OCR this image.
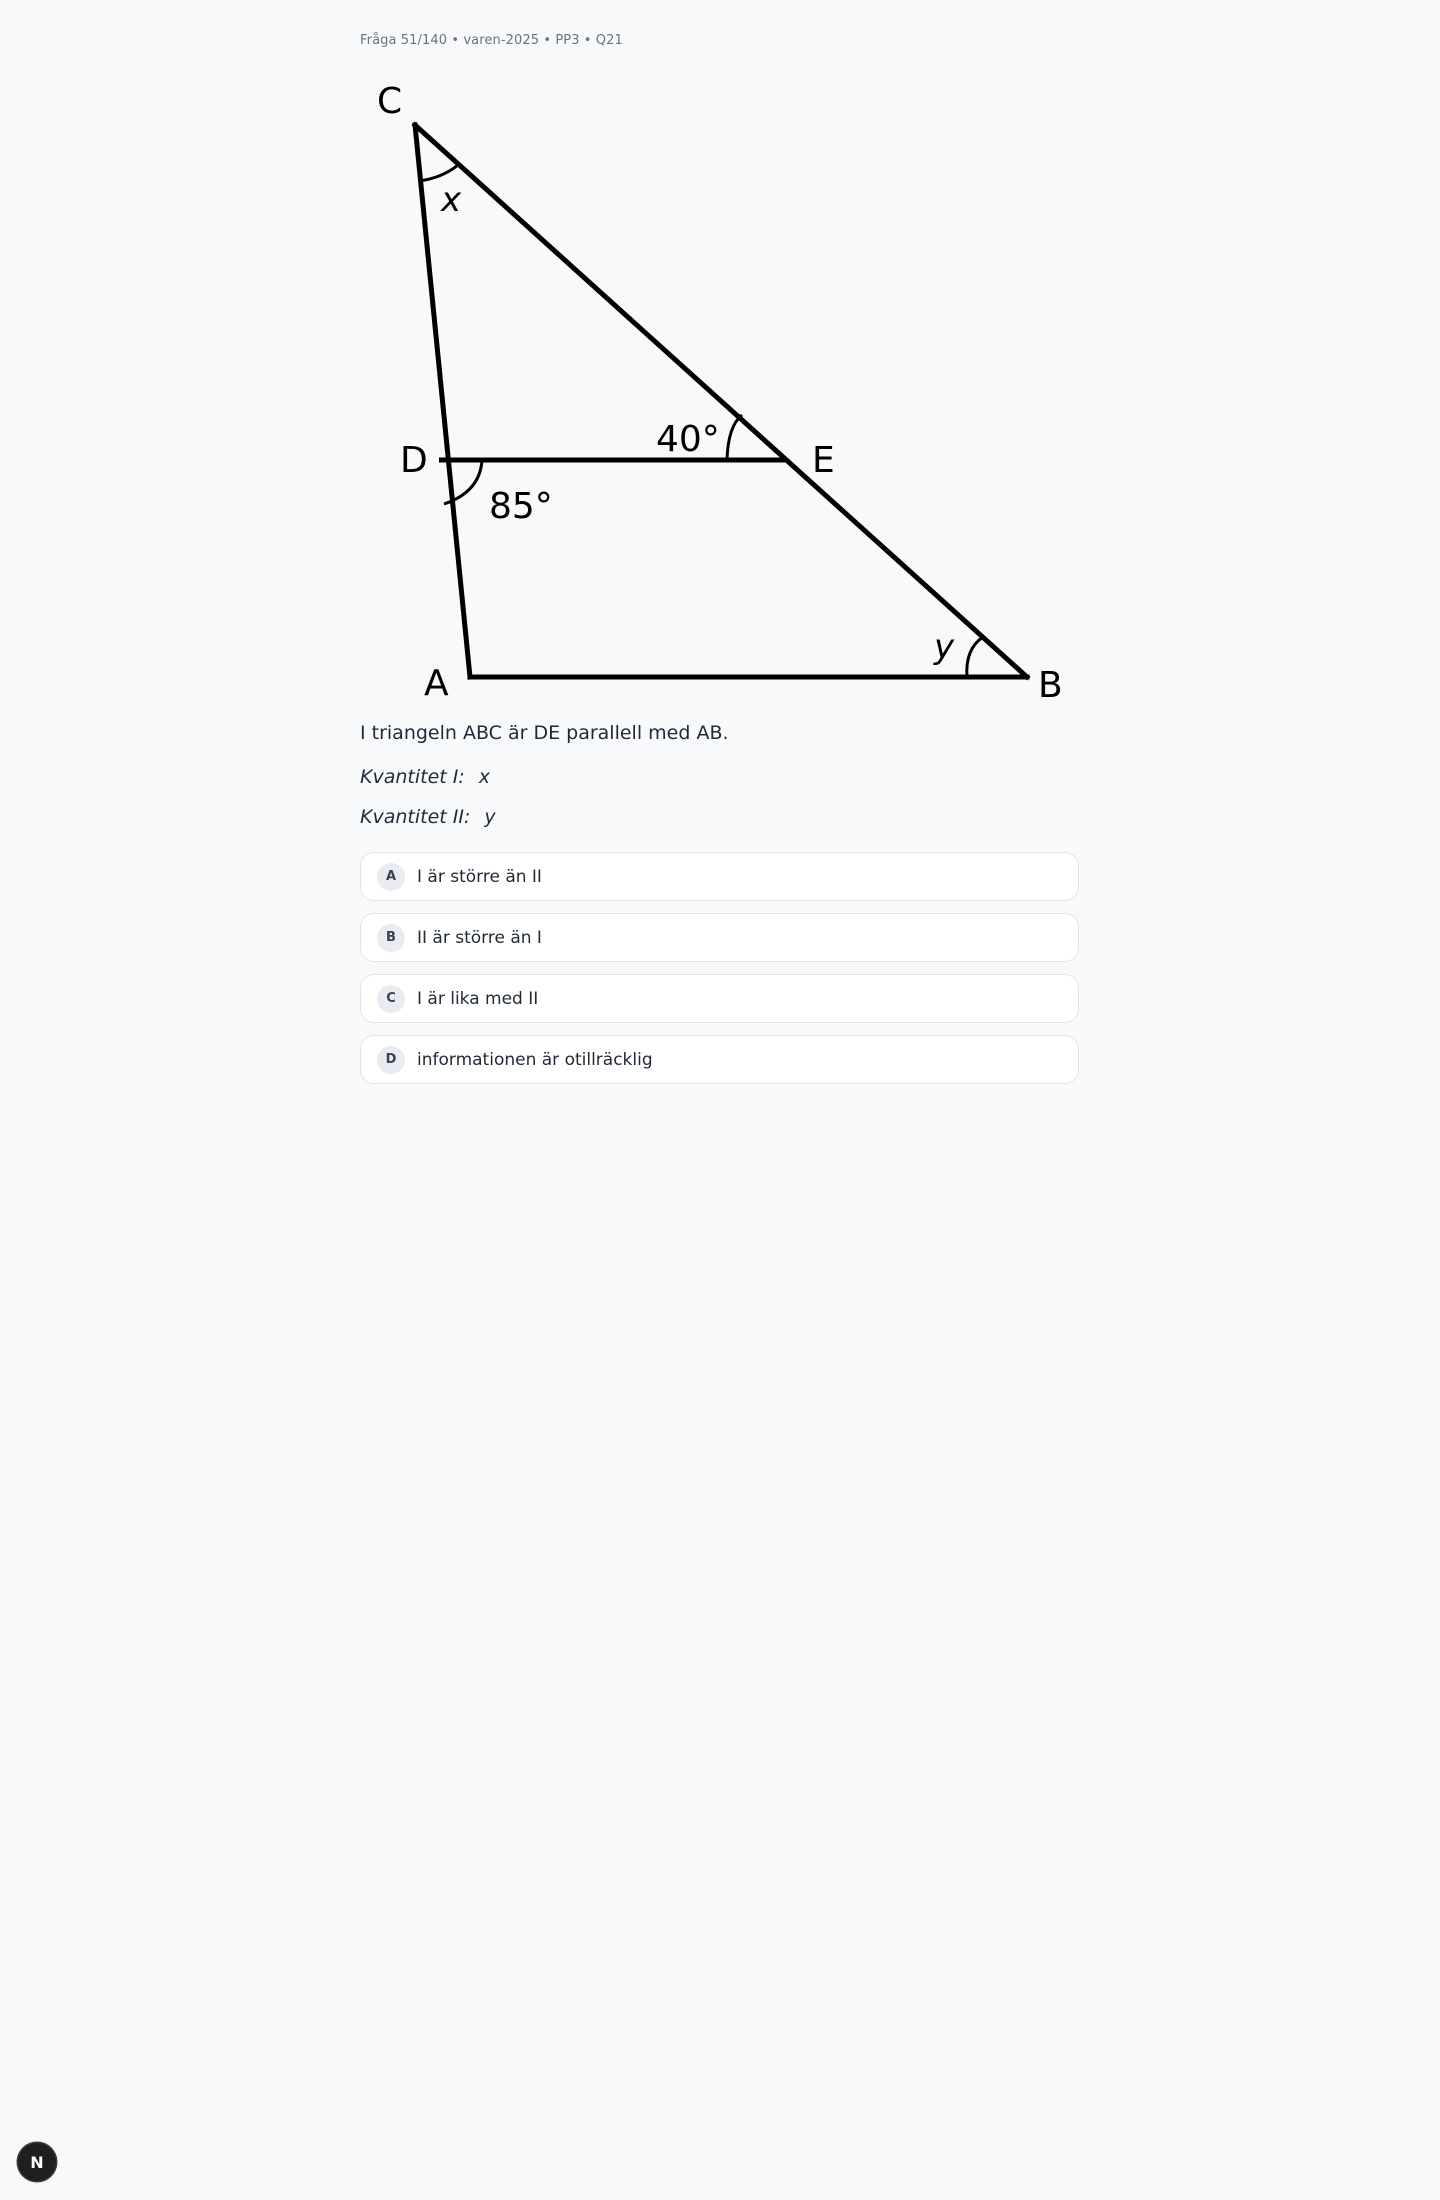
Fråga 51/140 • varen-2025 • PP3 • Q21
C
D	E
A	B
x
40°
85°
y
I triangeln ABC är DE parallell med AB.
Kvantitet I: x
Kvantitet II: y
A	I är större än II
B	II är större än I
C	I är lika med II
D	informationen är otillräcklig
N
